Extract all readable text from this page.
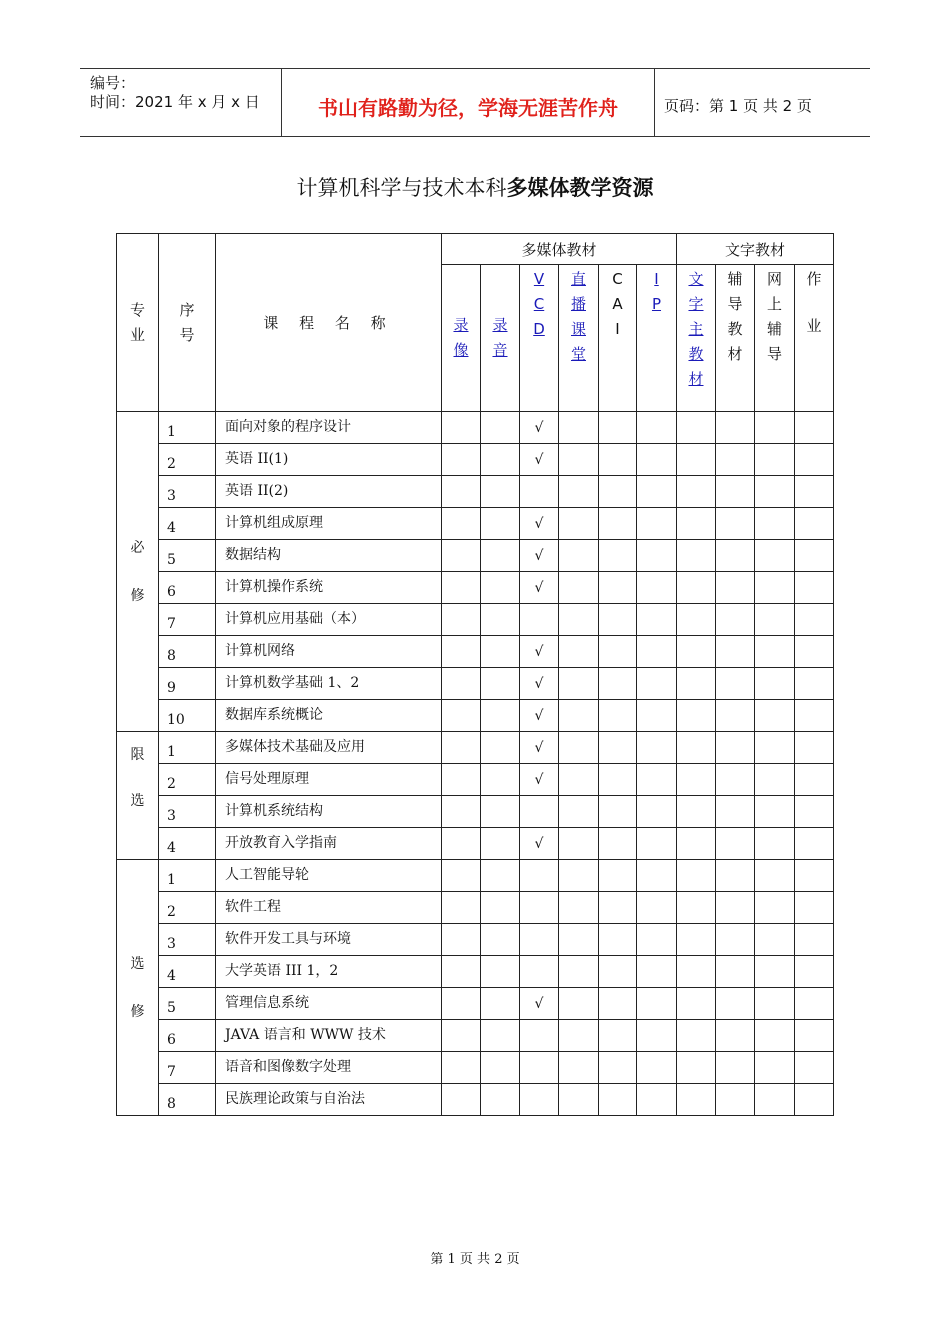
编号：
时间：2021 年 x 月 x 日	书山有路勤为径，学海无涯苦作舟	页码：第 1 页 共 2 页
计算机科学与技术本科多媒体教学资源
专
业	序
号	课 程 名 称	多媒体教材						文字教材			

			录
像	录
音	V
C
D	直
播
课
堂	C
A
I	I
P	文
字
主
教
材	辅
导
教
材	网
上
辅
导	作
业

必
修	1	面向对象的程序设计			√							

	2	英语 II(1)			√							

	3	英语 II(2)										

	4	计算机组成原理			√							

	5	数据结构			√							

	6	计算机操作系统			√							

	7	计算机应用基础（本）										

	8	计算机网络			√							

	9	计算机数学基础 1、2			√							

	10	数据库系统概论			√							

限
选	1	多媒体技术基础及应用			√							

	2	信号处理原理			√							

	3	计算机系统结构										

	4	开放教育入学指南			√							

选
修	1	人工智能导轮										

	2	软件工程										

	3	软件开发工具与环境										

	4	大学英语 III 1，2										

	5	管理信息系统			√							

	6	JAVA 语言和 WWW 技术										

	7	语音和图像数字处理										

	8	民族理论政策与自治法										

第 1 页 共 2 页
